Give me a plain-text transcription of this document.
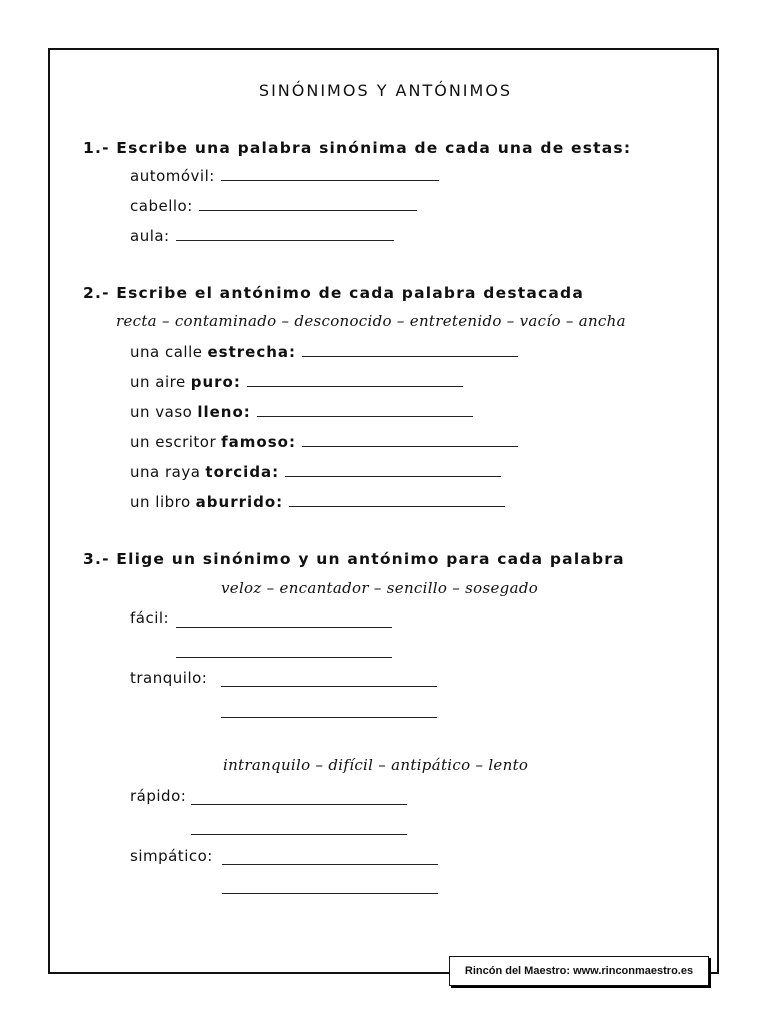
SINÓNIMOS Y ANTÓNIMOS
1.- Escribe una palabra sinónima de cada una de estas:
automóvil:
cabello:
aula:
2.- Escribe el antónimo de cada palabra destacada
recta – contaminado – desconocido – entretenido – vacío – ancha
una calle estrecha:
un aire puro:
un vaso lleno:
un escritor famoso:
una raya torcida:
un libro aburrido:
3.- Elige un sinónimo y un antónimo para cada palabra
veloz – encantador – sencillo – sosegado
fácil:
tranquilo:
intranquilo – difícil – antipático – lento
rápido:
simpático:
Rincón del Maestro: www.rinconmaestro.es
